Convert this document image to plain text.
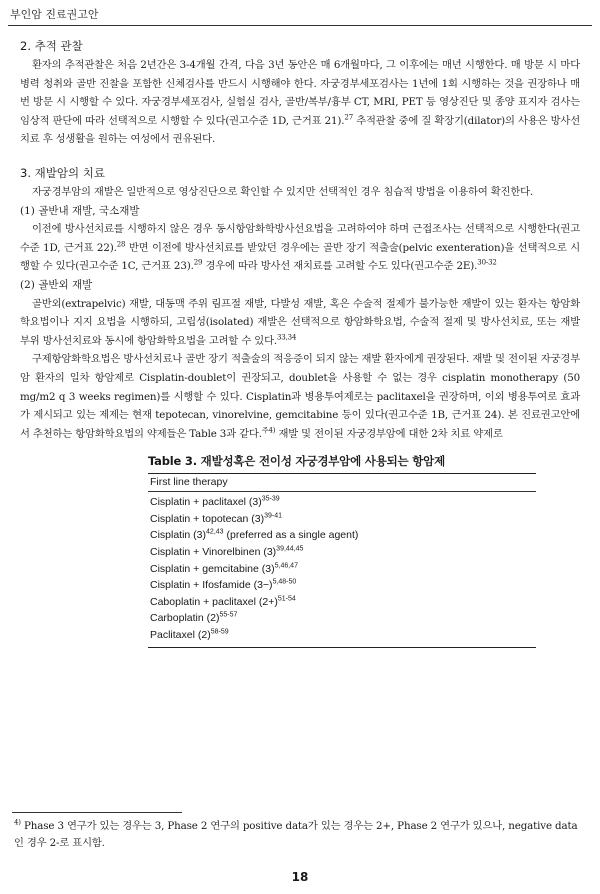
부인암 진료권고안
2. 추적 관찰

환자의 추적관찰은 처음 2년간은 3-4개월 간격, 다음 3년 동안은 매 6개월마다, 그 이후에는 매년 시행한다. 매 방문 시 마다 병력 청취와 골반 진찰을 포함한 신체검사를 반드시 시행해야 한다. 자궁경부세포검사는 1년에 1회 시행하는 것을 권장하나 매번 방문 시 시행할 수 있다. 자궁경부세포검사, 실험실 검사, 골반/복부/흉부 CT, MRI, PET 등 영상진단 및 종양 표지자 검사는 임상적 판단에 따라 선택적으로 시행할 수 있다(권고수준 1D, 근거표 21).$^{27}$ 추적관찰 중에 질 확장기(dilator)의 사용은 방사선치료 후 성생활을 원하는 여성에서 권유된다.

3. 재발암의 치료

자궁경부암의 재발은 일반적으로 영상진단으로 확인할 수 있지만 선택적인 경우 침습적 방법을 이용하여 확진한다.

(1) 골반내 재발, 국소재발

이전에 방사선치료를 시행하지 않은 경우 동시항암화학방사선요법을 고려하여야 하며 근접조사는 선택적으로 시행한다(권고수준 1D, 근거표 22).$^{28}$ 반면 이전에 방사선치료를 받았던 경우에는 골반 장기 적출술(pelvic exenteration)을 선택적으로 시행할 수 있다(권고수준 1C, 근거표 23).$^{29}$ 경우에 따라 방사선 재치료를 고려할 수도 있다(권고수준 2E).$^{30-32}$

(2) 골반외 재발

골반외(extrapelvic) 재발, 대동맥 주위 림프절 재발, 다발성 재발, 혹은 수술적 절제가 불가능한 재발이 있는 환자는 항암화학요법이나 지지 요법을 시행하되, 고립성(isolated) 재발은 선택적으로 항암화학요법, 수술적 절제 및 방사선치료, 또는 재발 부위 방사선치료와 동시에 항암화학요법을 고려할 수 있다.$^{33,34}$

구제항암화학요법은 방사선치료나 골반 장기 적출술의 적응증이 되지 않는 재발 환자에게 권장된다. 재발 및 전이된 자궁경부암 환자의 일차 항암제로 Cisplatin-doublet이 권장되고, doublet을 사용할 수 없는 경우 cisplatin monotherapy (50 mg/m2 q 3 weeks regimen)를 시행할 수 있다. Cisplatin과 병용투여제로는 paclitaxel을 권장하며, 이외 병용투여로 효과가 제시되고 있는 제제는 현재 tepotecan, vinorelvine, gemcitabine 등이 있다(권고수준 1B, 근거표 24). 본 진료권고안에서 추천하는 항암화학요법의 약제들은 Table 3과 같다.$^{주4)}$ 재발 및 전이된 자궁경부암에 대한 2차 치료 약제로

Table 3. 재발성혹은 전이성 자궁경부암에 사용되는 항암제
First line therapy
Cisplatin + paclitaxel $(3)^{35-39}$
Cisplatin + topotecan $(3)^{39-41}$
Cisplatin $(3)^{42,43}$ (preferred as a single agent)
Cisplatin + Vinorelbinen $(3)^{39,44,45}$
Cisplatin + gemcitabine $(3)^{5,46,47}$
Cisplatin + Ifosfamide $(3-)^{5,48-50}$
Caboplatin + paclitaxel $(2+)^{51-54}$
Carboplatin $(2)^{55-57}$
Paclitaxel $(2)^{58-59}$
$^{4)}$ Phase 3 연구가 있는 경우는 3, Phase 2 연구의 positive data가 있는 경우는 2+, Phase 2 연구가 있으나, negative data인 경우 2-로 표시함.
18
